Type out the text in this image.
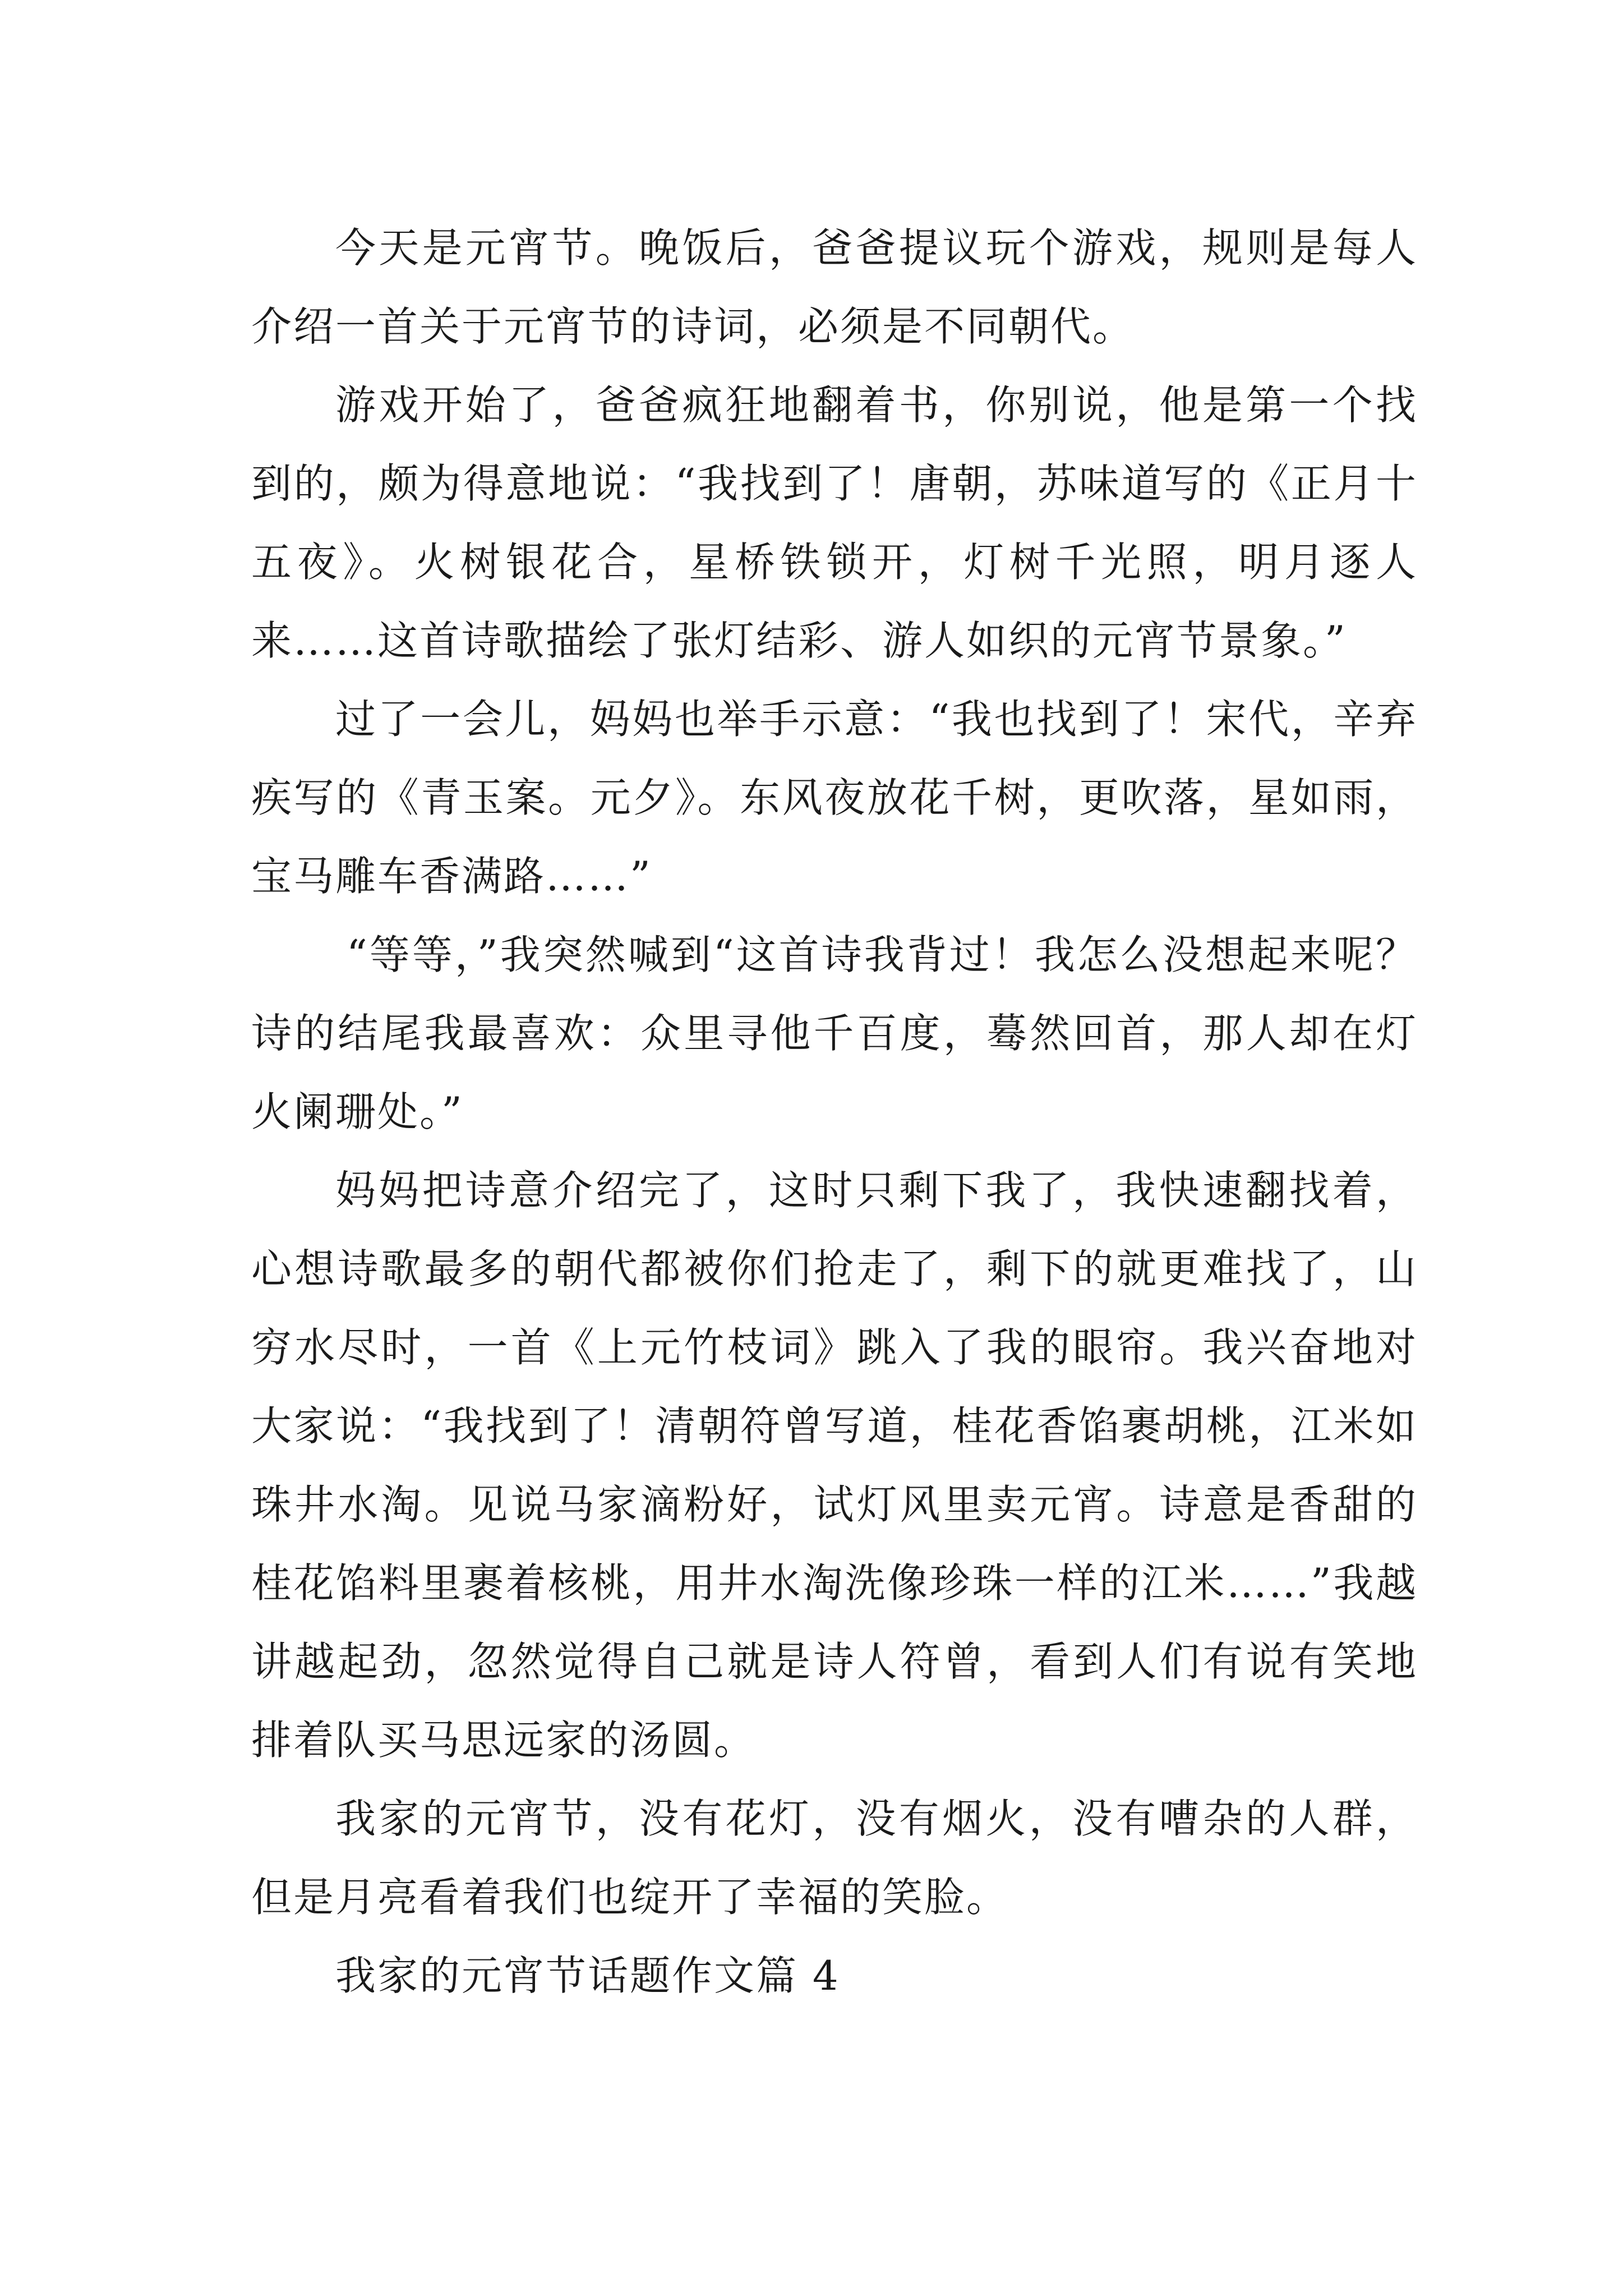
今天是元宵节。晚饭后，爸爸提议玩个游戏，规则是每人介绍一首关于元宵节的诗词，必须是不同朝代。

游戏开始了，爸爸疯狂地翻着书，你别说，他是第一个找到的，颇为得意地说：“我找到了！唐朝，苏味道写的《正月十五夜》。火树银花合，星桥铁锁开，灯树千光照，明月逐人来……这首诗歌描绘了张灯结彩、游人如织的元宵节景象。”

过了一会儿，妈妈也举手示意：“我也找到了！宋代，辛弃疾写的《青玉案。元夕》。东风夜放花千树，更吹落，星如雨，宝马雕车香满路……”

“等等，”我突然喊到“这首诗我背过！我怎么没想起来呢？诗的结尾我最喜欢：众里寻他千百度，蓦然回首，那人却在灯火阑珊处。”

妈妈把诗意介绍完了，这时只剩下我了，我快速翻找着，心想诗歌最多的朝代都被你们抢走了，剩下的就更难找了，山穷水尽时，一首《上元竹枝词》跳入了我的眼帘。我兴奋地对大家说：“我找到了！清朝符曾写道，桂花香馅裹胡桃，江米如珠井水淘。见说马家滴粉好，试灯风里卖元宵。诗意是香甜的桂花馅料里裹着核桃，用井水淘洗像珍珠一样的江米……”我越讲越起劲，忽然觉得自己就是诗人符曾，看到人们有说有笑地排着队买马思远家的汤圆。

我家的元宵节，没有花灯，没有烟火，没有嘈杂的人群，但是月亮看着我们也绽开了幸福的笑脸。

我家的元宵节话题作文篇 4
